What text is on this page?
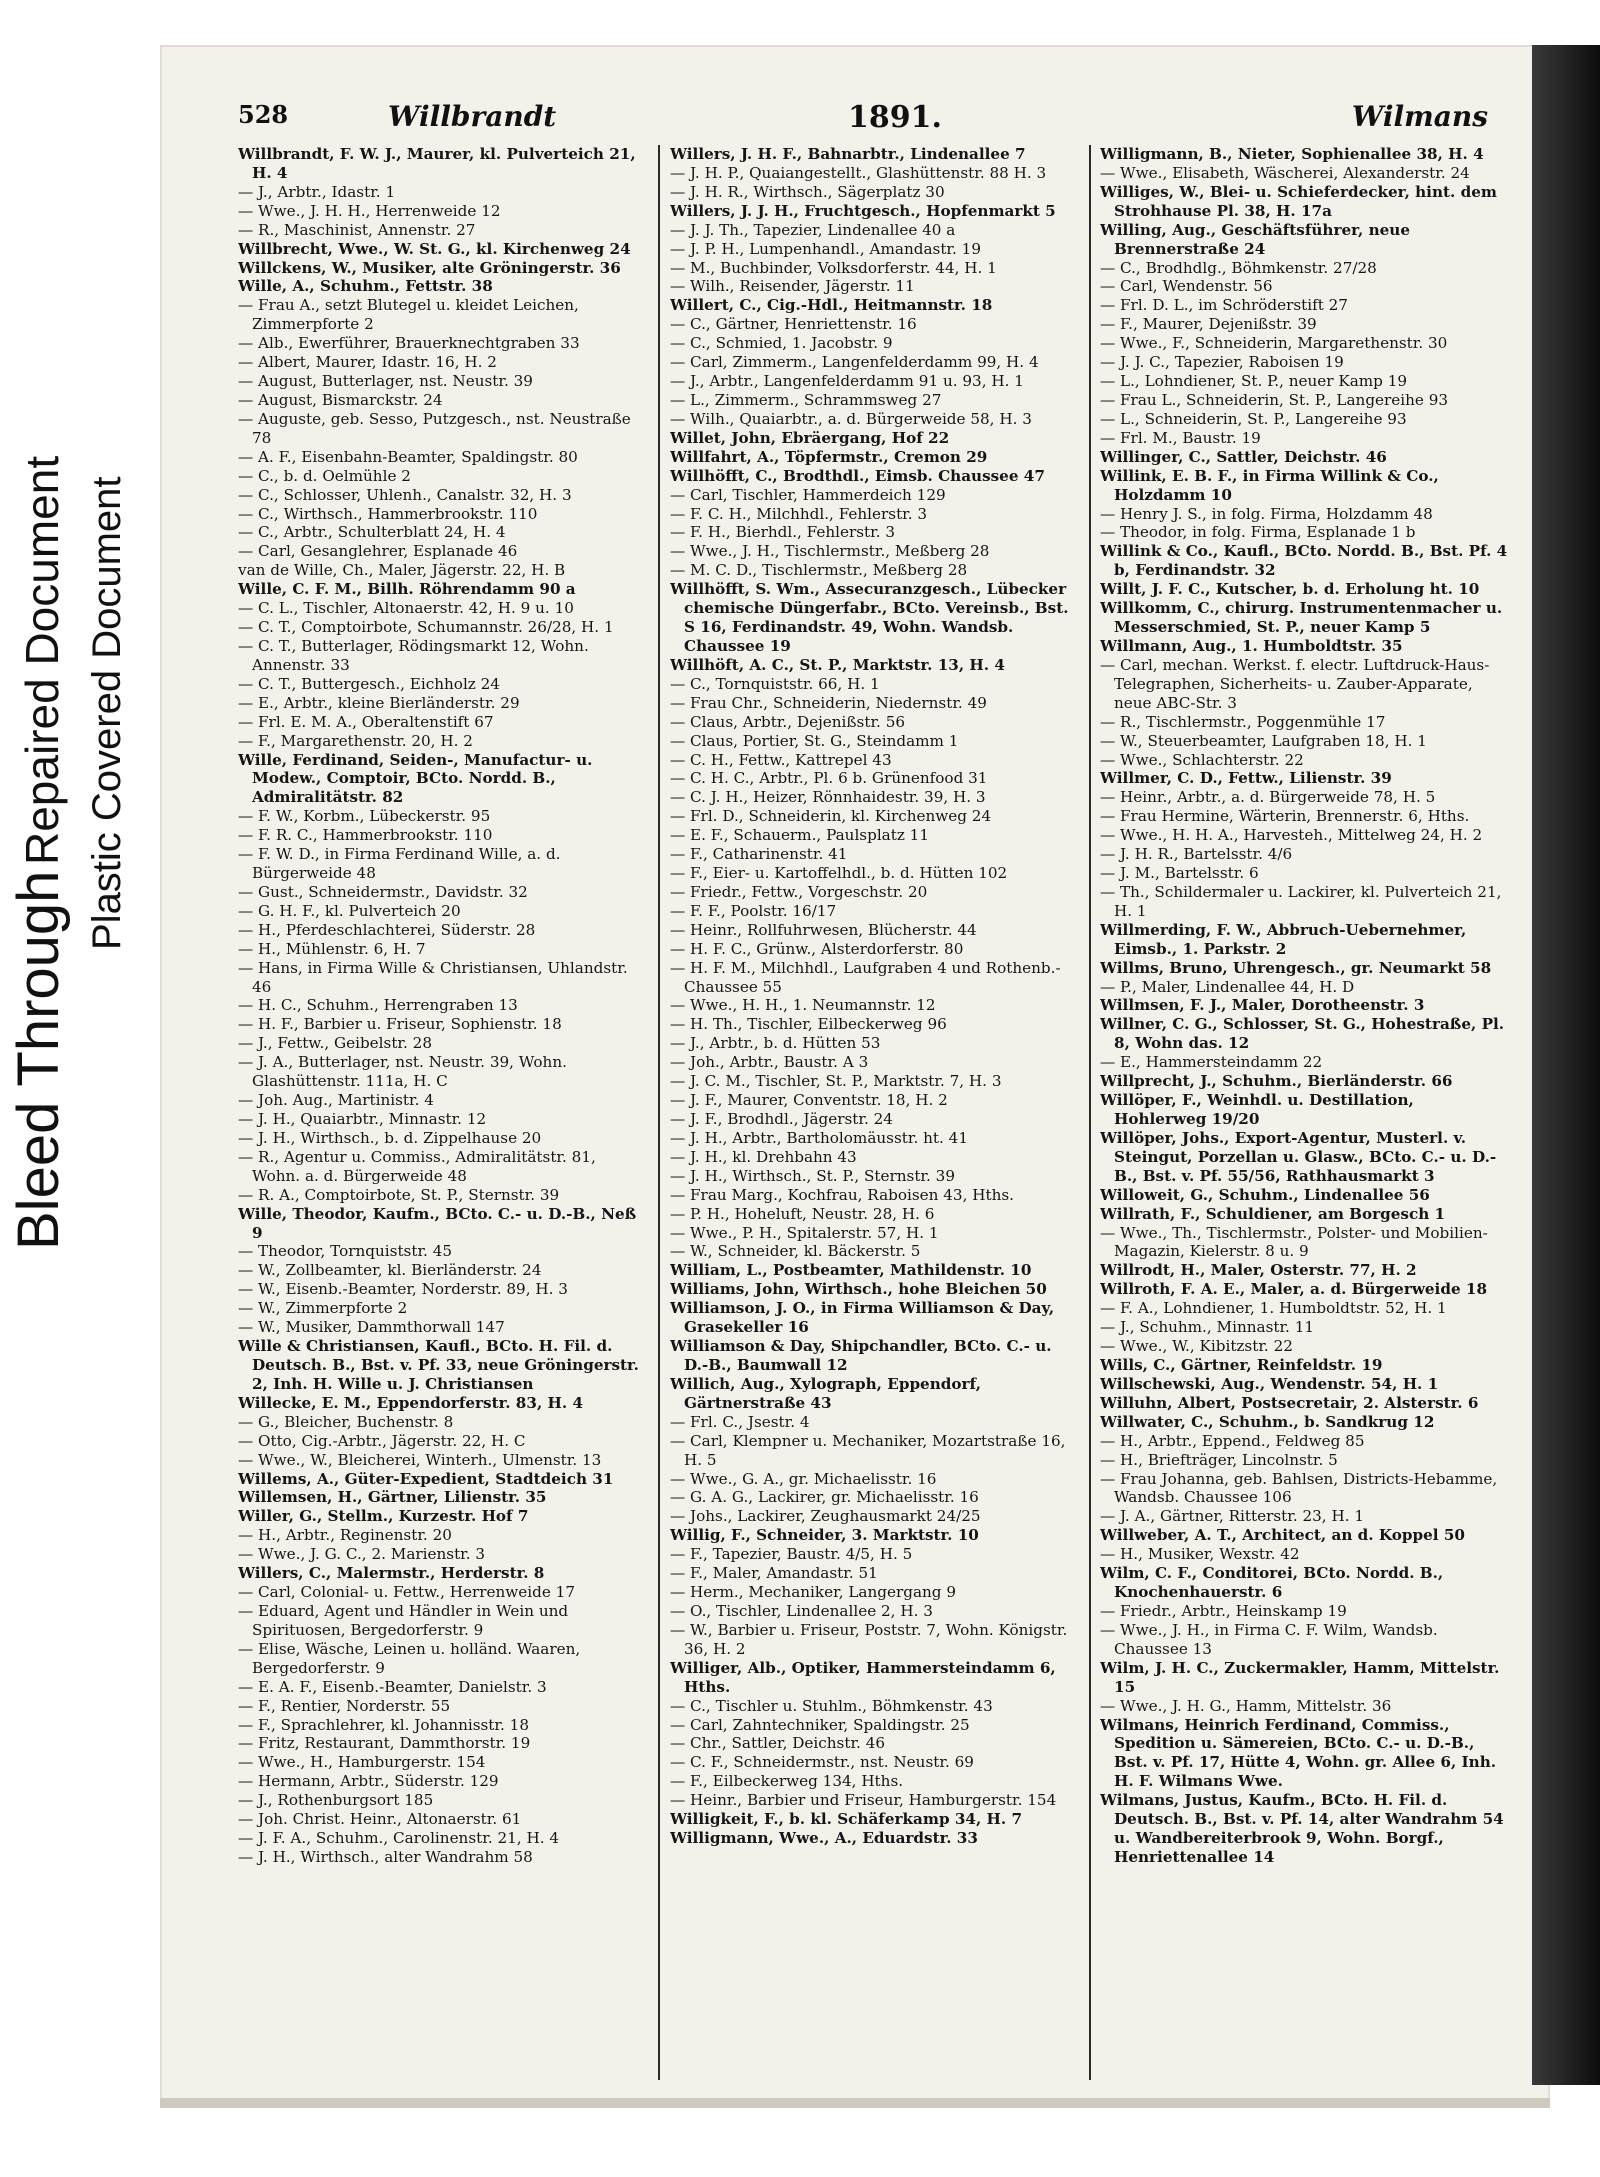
Bleed Through
Repaired Document Plastic Covered Document
528	Willbrandt	1891.	Wilmans
Willbrandt, F. W. J., Maurer, kl. Pulverteich 21, H. 4
— J., Arbtr., Idastr. 1
— Wwe., J. H. H., Herrenweide 12
— R., Maschinist, Annenstr. 27
Willbrecht, Wwe., W. St. G., kl. Kirchenweg 24
Willckens, W., Musiker, alte Gröningerstr. 36
Wille, A., Schuhm., Fettstr. 38
— Frau A., setzt Blutegel u. kleidet Leichen, Zimmerpforte 2
— Alb., Ewerführer, Brauerknechtgraben 33
— Albert, Maurer, Idastr. 16, H. 2
— August, Butterlager, nst. Neustr. 39
— August, Bismarckstr. 24
— Auguste, geb. Sesso, Putzgesch., nst. Neustraße 78
— A. F., Eisenbahn-Beamter, Spaldingstr. 80
— C., b. d. Oelmühle 2
— C., Schlosser, Uhlenh., Canalstr. 32, H. 3
— C., Wirthsch., Hammerbrookstr. 110
— C., Arbtr., Schulterblatt 24, H. 4
— Carl, Gesanglehrer, Esplanade 46
van de Wille, Ch., Maler, Jägerstr. 22, H. B
Wille, C. F. M., Billh. Röhrendamm 90 a
— C. L., Tischler, Altonaerstr. 42, H. 9 u. 10
— C. T., Comptoirbote, Schumannstr. 26/28, H. 1
— C. T., Butterlager, Rödingsmarkt 12, Wohn. Annenstr. 33
— C. T., Buttergesch., Eichholz 24
— E., Arbtr., kleine Bierländerstr. 29
— Frl. E. M. A., Oberaltenstift 67
— F., Margarethenstr. 20, H. 2
Wille, Ferdinand, Seiden-, Manufactur- u. Modew., Comptoir, BCto. Nordd. B., Admiralitätstr. 82
— F. W., Korbm., Lübeckerstr. 95
— F. R. C., Hammerbrookstr. 110
— F. W. D., in Firma Ferdinand Wille, a. d. Bürgerweide 48
— Gust., Schneidermstr., Davidstr. 32
— G. H. F., kl. Pulverteich 20
— H., Pferdeschlachterei, Süderstr. 28
— H., Mühlenstr. 6, H. 7
— Hans, in Firma Wille & Christiansen, Uhlandstr. 46
— H. C., Schuhm., Herrengraben 13
— H. F., Barbier u. Friseur, Sophienstr. 18
— J., Fettw., Geibelstr. 28
— J. A., Butterlager, nst. Neustr. 39, Wohn. Glashüttenstr. 111a, H. C
— Joh. Aug., Martinistr. 4
— J. H., Quaiarbtr., Minnastr. 12
— J. H., Wirthsch., b. d. Zippelhause 20
— R., Agentur u. Commiss., Admiralitätstr. 81, Wohn. a. d. Bürgerweide 48
— R. A., Comptoirbote, St. P., Sternstr. 39
Wille, Theodor, Kaufm., BCto. C.- u. D.-B., Neß 9
— Theodor, Tornquiststr. 45
— W., Zollbeamter, kl. Bierländerstr. 24
— W., Eisenb.-Beamter, Norderstr. 89, H. 3
— W., Zimmerpforte 2
— W., Musiker, Dammthorwall 147
Wille & Christiansen, Kaufl., BCto. H. Fil. d. Deutsch. B., Bst. v. Pf. 33, neue Gröningerstr. 2, Inh. H. Wille u. J. Christiansen
Willecke, E. M., Eppendorferstr. 83, H. 4
— G., Bleicher, Buchenstr. 8
— Otto, Cig.-Arbtr., Jägerstr. 22, H. C
— Wwe., W., Bleicherei, Winterh., Ulmenstr. 13
Willems, A., Güter-Expedient, Stadtdeich 31
Willemsen, H., Gärtner, Lilienstr. 35
Willer, G., Stellm., Kurzestr. Hof 7
— H., Arbtr., Reginenstr. 20
— Wwe., J. G. C., 2. Marienstr. 3
Willers, C., Malermstr., Herderstr. 8
— Carl, Colonial- u. Fettw., Herrenweide 17
— Eduard, Agent und Händler in Wein und Spirituosen, Bergedorferstr. 9
— Elise, Wäsche, Leinen u. holländ. Waaren, Bergedorferstr. 9
— E. A. F., Eisenb.-Beamter, Danielstr. 3
— F., Rentier, Norderstr. 55
— F., Sprachlehrer, kl. Johannisstr. 18
— Fritz, Restaurant, Dammthorstr. 19
— Wwe., H., Hamburgerstr. 154
— Hermann, Arbtr., Süderstr. 129
— J., Rothenburgsort 185
— Joh. Christ. Heinr., Altonaerstr. 61
— J. F. A., Schuhm., Carolinenstr. 21, H. 4
— J. H., Wirthsch., alter Wandrahm 58
Willers, J. H. F., Bahnarbtr., Lindenallee 7
— J. H. P., Quaiangestellt., Glashüttenstr. 88 H. 3
— J. H. R., Wirthsch., Sägerplatz 30
Willers, J. J. H., Fruchtgesch., Hopfenmarkt 5
— J. J. Th., Tapezier, Lindenallee 40 a
— J. P. H., Lumpenhandl., Amandastr. 19
— M., Buchbinder, Volksdorferstr. 44, H. 1
— Wilh., Reisender, Jägerstr. 11
Willert, C., Cig.-Hdl., Heitmannstr. 18
— C., Gärtner, Henriettenstr. 16
— C., Schmied, 1. Jacobstr. 9
— Carl, Zimmerm., Langenfelderdamm 99, H. 4
— J., Arbtr., Langenfelderdamm 91 u. 93, H. 1
— L., Zimmerm., Schrammsweg 27
— Wilh., Quaiarbtr., a. d. Bürgerweide 58, H. 3
Willet, John, Ebräergang, Hof 22
Willfahrt, A., Töpfermstr., Cremon 29
Willhöfft, C., Brodthdl., Eimsb. Chaussee 47
— Carl, Tischler, Hammerdeich 129
— F. C. H., Milchhdl., Fehlerstr. 3
— F. H., Bierhdl., Fehlerstr. 3
— Wwe., J. H., Tischlermstr., Meßberg 28
— M. C. D., Tischlermstr., Meßberg 28
Willhöfft, S. Wm., Assecuranzgesch., Lübecker chemische Düngerfabr., BCto. Vereinsb., Bst. S 16, Ferdinandstr. 49, Wohn. Wandsb. Chaussee 19
Willhöft, A. C., St. P., Marktstr. 13, H. 4
— C., Tornquiststr. 66, H. 1
— Frau Chr., Schneiderin, Niedernstr. 49
— Claus, Arbtr., Dejenißstr. 56
— Claus, Portier, St. G., Steindamm 1
— C. H., Fettw., Kattrepel 43
— C. H. C., Arbtr., Pl. 6 b. Grünenfood 31
— C. J. H., Heizer, Rönnhaidestr. 39, H. 3
— Frl. D., Schneiderin, kl. Kirchenweg 24
— E. F., Schauerm., Paulsplatz 11
— F., Catharinenstr. 41
— F., Eier- u. Kartoffelhdl., b. d. Hütten 102
— Friedr., Fettw., Vorgeschstr. 20
— F. F., Poolstr. 16/17
— Heinr., Rollfuhrwesen, Blücherstr. 44
— H. F. C., Grünw., Alsterdorferstr. 80
— H. F. M., Milchhdl., Laufgraben 4 und Rothenb.-Chaussee 55
— Wwe., H. H., 1. Neumannstr. 12
— H. Th., Tischler, Eilbeckerweg 96
— J., Arbtr., b. d. Hütten 53
— Joh., Arbtr., Baustr. A 3
— J. C. M., Tischler, St. P., Marktstr. 7, H. 3
— J. F., Maurer, Conventstr. 18, H. 2
— J. F., Brodhdl., Jägerstr. 24
— J. H., Arbtr., Bartholomäusstr. ht. 41
— J. H., kl. Drehbahn 43
— J. H., Wirthsch., St. P., Sternstr. 39
— Frau Marg., Kochfrau, Raboisen 43, Hths.
— P. H., Hoheluft, Neustr. 28, H. 6
— Wwe., P. H., Spitalerstr. 57, H. 1
— W., Schneider, kl. Bäckerstr. 5
William, L., Postbeamter, Mathildenstr. 10
Williams, John, Wirthsch., hohe Bleichen 50
Williamson, J. O., in Firma Williamson & Day, Grasekeller 16
Williamson & Day, Shipchandler, BCto. C.- u. D.-B., Baumwall 12
Willich, Aug., Xylograph, Eppendorf, Gärtnerstraße 43
— Frl. C., Jsestr. 4
— Carl, Klempner u. Mechaniker, Mozartstraße 16, H. 5
— Wwe., G. A., gr. Michaelisstr. 16
— G. A. G., Lackirer, gr. Michaelisstr. 16
— Johs., Lackirer, Zeughausmarkt 24/25
Willig, F., Schneider, 3. Marktstr. 10
— F., Tapezier, Baustr. 4/5, H. 5
— F., Maler, Amandastr. 51
— Herm., Mechaniker, Langergang 9
— O., Tischler, Lindenallee 2, H. 3
— W., Barbier u. Friseur, Poststr. 7, Wohn. Königstr. 36, H. 2
Williger, Alb., Optiker, Hammersteindamm 6, Hths.
— C., Tischler u. Stuhlm., Böhmkenstr. 43
— Carl, Zahntechniker, Spaldingstr. 25
— Chr., Sattler, Deichstr. 46
— C. F., Schneidermstr., nst. Neustr. 69
— F., Eilbeckerweg 134, Hths.
— Heinr., Barbier und Friseur, Hamburgerstr. 154
Willigkeit, F., b. kl. Schäferkamp 34, H. 7
Willigmann, Wwe., A., Eduardstr. 33
Willigmann, B., Nieter, Sophienallee 38, H. 4
— Wwe., Elisabeth, Wäscherei, Alexanderstr. 24
Williges, W., Blei- u. Schieferdecker, hint. dem Strohhause Pl. 38, H. 17a
Willing, Aug., Geschäftsführer, neue Brennerstraße 24
— C., Brodhdlg., Böhmkenstr. 27/28
— Carl, Wendenstr. 56
— Frl. D. L., im Schröderstift 27
— F., Maurer, Dejenißstr. 39
— Wwe., F., Schneiderin, Margarethenstr. 30
— J. J. C., Tapezier, Raboisen 19
— L., Lohndiener, St. P., neuer Kamp 19
— Frau L., Schneiderin, St. P., Langereihe 93
— L., Schneiderin, St. P., Langereihe 93
— Frl. M., Baustr. 19
Willinger, C., Sattler, Deichstr. 46
Willink, E. B. F., in Firma Willink & Co., Holzdamm 10
— Henry J. S., in folg. Firma, Holzdamm 48
— Theodor, in folg. Firma, Esplanade 1 b
Willink & Co., Kaufl., BCto. Nordd. B., Bst. Pf. 4 b, Ferdinandstr. 32
Willt, J. F. C., Kutscher, b. d. Erholung ht. 10
Willkomm, C., chirurg. Instrumentenmacher u. Messerschmied, St. P., neuer Kamp 5
Willmann, Aug., 1. Humboldtstr. 35
— Carl, mechan. Werkst. f. electr. Luftdruck-Haus-Telegraphen, Sicherheits- u. Zauber-Apparate, neue ABC-Str. 3
— R., Tischlermstr., Poggenmühle 17
— W., Steuerbeamter, Laufgraben 18, H. 1
— Wwe., Schlachterstr. 22
Willmer, C. D., Fettw., Lilienstr. 39
— Heinr., Arbtr., a. d. Bürgerweide 78, H. 5
— Frau Hermine, Wärterin, Brennerstr. 6, Hths.
— Wwe., H. H. A., Harvesteh., Mittelweg 24, H. 2
— J. H. R., Bartelsstr. 4/6
— J. M., Bartelsstr. 6
— Th., Schildermaler u. Lackirer, kl. Pulverteich 21, H. 1
Willmerding, F. W., Abbruch-Uebernehmer, Eimsb., 1. Parkstr. 2
Willms, Bruno, Uhrengesch., gr. Neumarkt 58
— P., Maler, Lindenallee 44, H. D
Willmsen, F. J., Maler, Dorotheenstr. 3
Willner, C. G., Schlosser, St. G., Hohestraße, Pl. 8, Wohn das. 12
— E., Hammersteindamm 22
Willprecht, J., Schuhm., Bierländerstr. 66
Willöper, F., Weinhdl. u. Destillation, Hohlerweg 19/20
Willöper, Johs., Export-Agentur, Musterl. v. Steingut, Porzellan u. Glasw., BCto. C.- u. D.-B., Bst. v. Pf. 55/56, Rathhausmarkt 3
Willoweit, G., Schuhm., Lindenallee 56
Willrath, F., Schuldiener, am Borgesch 1
— Wwe., Th., Tischlermstr., Polster- und Mobilien-Magazin, Kielerstr. 8 u. 9
Willrodt, H., Maler, Osterstr. 77, H. 2
Willroth, F. A. E., Maler, a. d. Bürgerweide 18
— F. A., Lohndiener, 1. Humboldtstr. 52, H. 1
— J., Schuhm., Minnastr. 11
— Wwe., W., Kibitzstr. 22
Wills, C., Gärtner, Reinfeldstr. 19
Willschewski, Aug., Wendenstr. 54, H. 1
Willuhn, Albert, Postsecretair, 2. Alsterstr. 6
Willwater, C., Schuhm., b. Sandkrug 12
— H., Arbtr., Eppend., Feldweg 85
— H., Briefträger, Lincolnstr. 5
— Frau Johanna, geb. Bahlsen, Districts-Hebamme, Wandsb. Chaussee 106
— J. A., Gärtner, Ritterstr. 23, H. 1
Willweber, A. T., Architect, an d. Koppel 50
— H., Musiker, Wexstr. 42
Wilm, C. F., Conditorei, BCto. Nordd. B., Knochenhauerstr. 6
— Friedr., Arbtr., Heinskamp 19
— Wwe., J. H., in Firma C. F. Wilm, Wandsb. Chaussee 13
Wilm, J. H. C., Zuckermakler, Hamm, Mittelstr. 15
— Wwe., J. H. G., Hamm, Mittelstr. 36
Wilmans, Heinrich Ferdinand, Commiss., Spedition u. Sämereien, BCto. C.- u. D.-B., Bst. v. Pf. 17, Hütte 4, Wohn. gr. Allee 6, Inh. H. F. Wilmans Wwe.
Wilmans, Justus, Kaufm., BCto. H. Fil. d. Deutsch. B., Bst. v. Pf. 14, alter Wandrahm 54 u. Wandbereiterbrook 9, Wohn. Borgf., Henriettenallee 14
